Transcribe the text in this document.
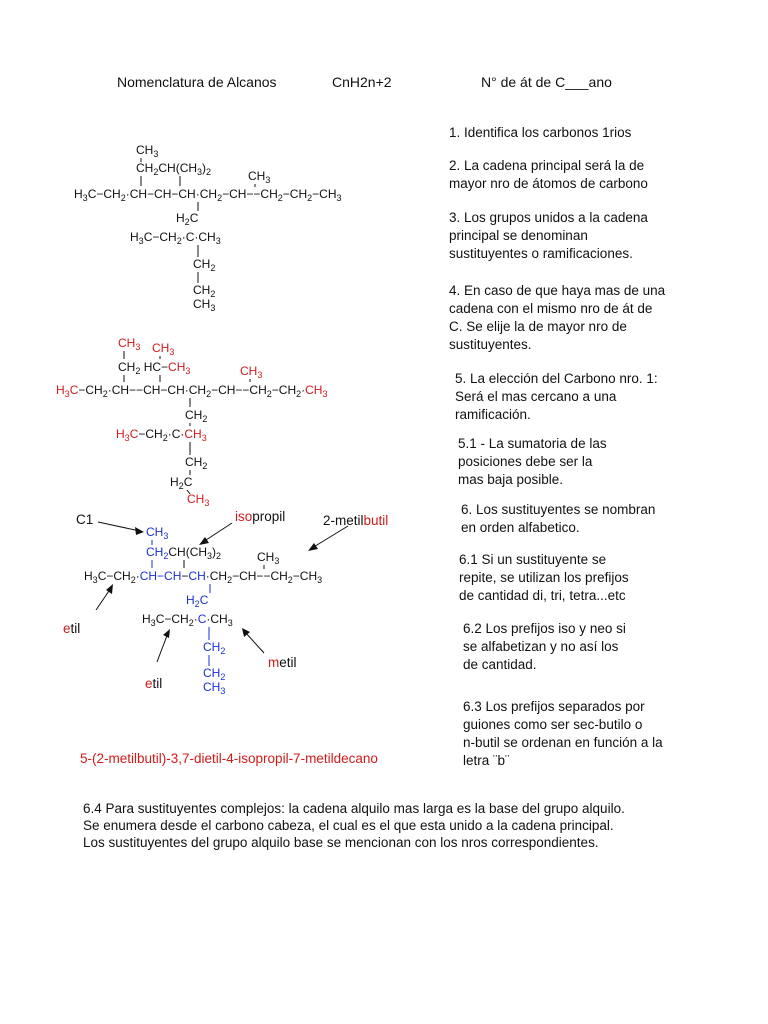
Nomenclatura de Alcanos	CnH2n+2	N° de át de C___ano
1. Identifica los carbonos 1rios
2. La cadena principal será la de
mayor nro de átomos de carbono
3. Los grupos unidos a la cadena
principal se denominan
sustituyentes o ramificaciones.
4. En caso de que haya mas de una
cadena con el mismo nro de át de
C. Se elije la de mayor nro de
sustituyentes.
5. La elección del Carbono nro. 1:
Será el mas cercano a una
ramificación.
5.1 - La sumatoria de las
posiciones debe ser la
mas baja posible.
6. Los sustituyentes se nombran
en orden alfabetico.
6.1 Si un sustituyente se
repite, se utilizan los prefijos
de cantidad di, tri, tetra...etc
6.2 Los prefijos iso y neo si
se alfabetizan y no así los
de cantidad.
6.3 Los prefijos separados por
guiones como ser sec-butilo o
n-butil se ordenan en función a la
letra ¨b¨
$CH_3$
$CH_2CH(CH_3)_2$	$CH_3$
$H_3C-CH_2\cdot CH-CH-CH\cdot CH_2-CH--CH_2-CH_2-CH_3$
$H_2C$
$H_3C-CH_2\cdot C\cdot CH_3$
$CH_2$
$CH_2$
$CH_3$
$CH_3$ $CH_3$
$CH_2$ $HC-CH_3$	$CH_3$
$H_3C-CH_2\cdot CH--CH-CH\cdot CH_2-CH--CH_2-CH_2\cdot CH_3$
$CH_2$
$H_3C-CH_2\cdot C\cdot CH_3$
$CH_2$
$H_2C$
$CH_3$
$CH_3$
$CH_2CH(CH_3)_2$	$CH_3$
$H_3C-CH_2\cdot CH-CH-CH\cdot CH_2-CH--CH_2-CH_3$
$H_2C$
$H_3C-CH_2\cdot C\cdot CH_3$
$CH_2$
$CH_2$
$CH_3$
C1	isopropil	2-metilbutil
etil
etil
metil
5-(2-metilbutil)-3,7-dietil-4-isopropil-7-metildecano
6.4 Para sustituyentes complejos: la cadena alquilo mas larga es la base del grupo alquilo.
Se enumera desde el carbono cabeza, el cual es el que esta unido a la cadena principal.
Los sustituyentes del grupo alquilo base se mencionan con los nros correspondientes.
